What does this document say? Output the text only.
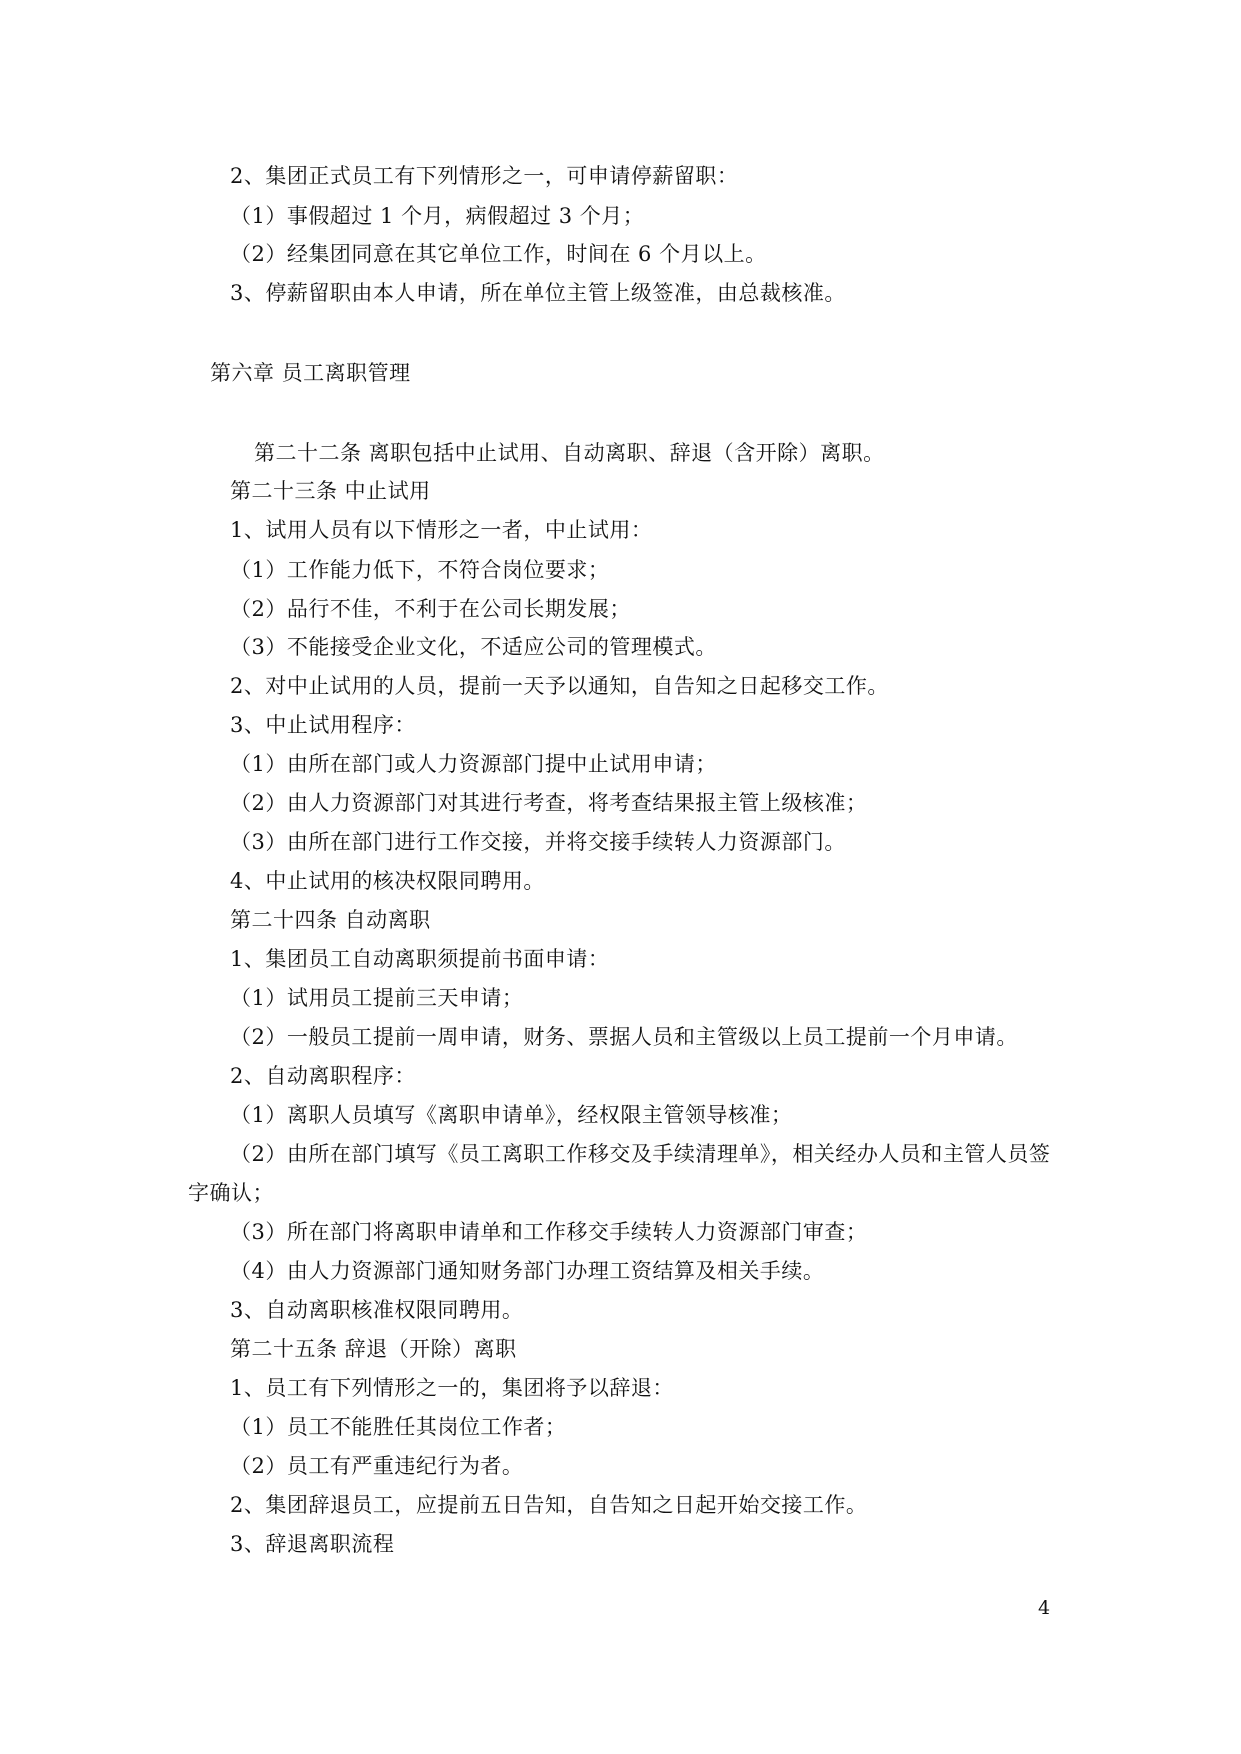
2、集团正式员工有下列情形之一，可申请停薪留职：
（1）事假超过 1 个月，病假超过 3 个月；
（2）经集团同意在其它单位工作，时间在 6 个月以上。
3、停薪留职由本人申请，所在单位主管上级签准，由总裁核准。
第六章 员工离职管理
第二十二条 离职包括中止试用、自动离职、辞退（含开除）离职。
第二十三条 中止试用
1、试用人员有以下情形之一者，中止试用：
（1）工作能力低下，不符合岗位要求；
（2）品行不佳，不利于在公司长期发展；
（3）不能接受企业文化，不适应公司的管理模式。
2、对中止试用的人员，提前一天予以通知，自告知之日起移交工作。
3、中止试用程序：
（1）由所在部门或人力资源部门提中止试用申请；
（2）由人力资源部门对其进行考查，将考查结果报主管上级核准；
（3）由所在部门进行工作交接，并将交接手续转人力资源部门。
4、中止试用的核决权限同聘用。
第二十四条 自动离职
1、集团员工自动离职须提前书面申请：
（1）试用员工提前三天申请；
（2）一般员工提前一周申请，财务、票据人员和主管级以上员工提前一个月申请。
2、自动离职程序：
（1）离职人员填写《离职申请单》，经权限主管领导核准；
（2）由所在部门填写《员工离职工作移交及手续清理单》，相关经办人员和主管人员签
字确认；
（3）所在部门将离职申请单和工作移交手续转人力资源部门审查；
（4）由人力资源部门通知财务部门办理工资结算及相关手续。
3、自动离职核准权限同聘用。
第二十五条 辞退（开除）离职
1、员工有下列情形之一的，集团将予以辞退：
（1）员工不能胜任其岗位工作者；
（2）员工有严重违纪行为者。
2、集团辞退员工，应提前五日告知，自告知之日起开始交接工作。
3、辞退离职流程
4
